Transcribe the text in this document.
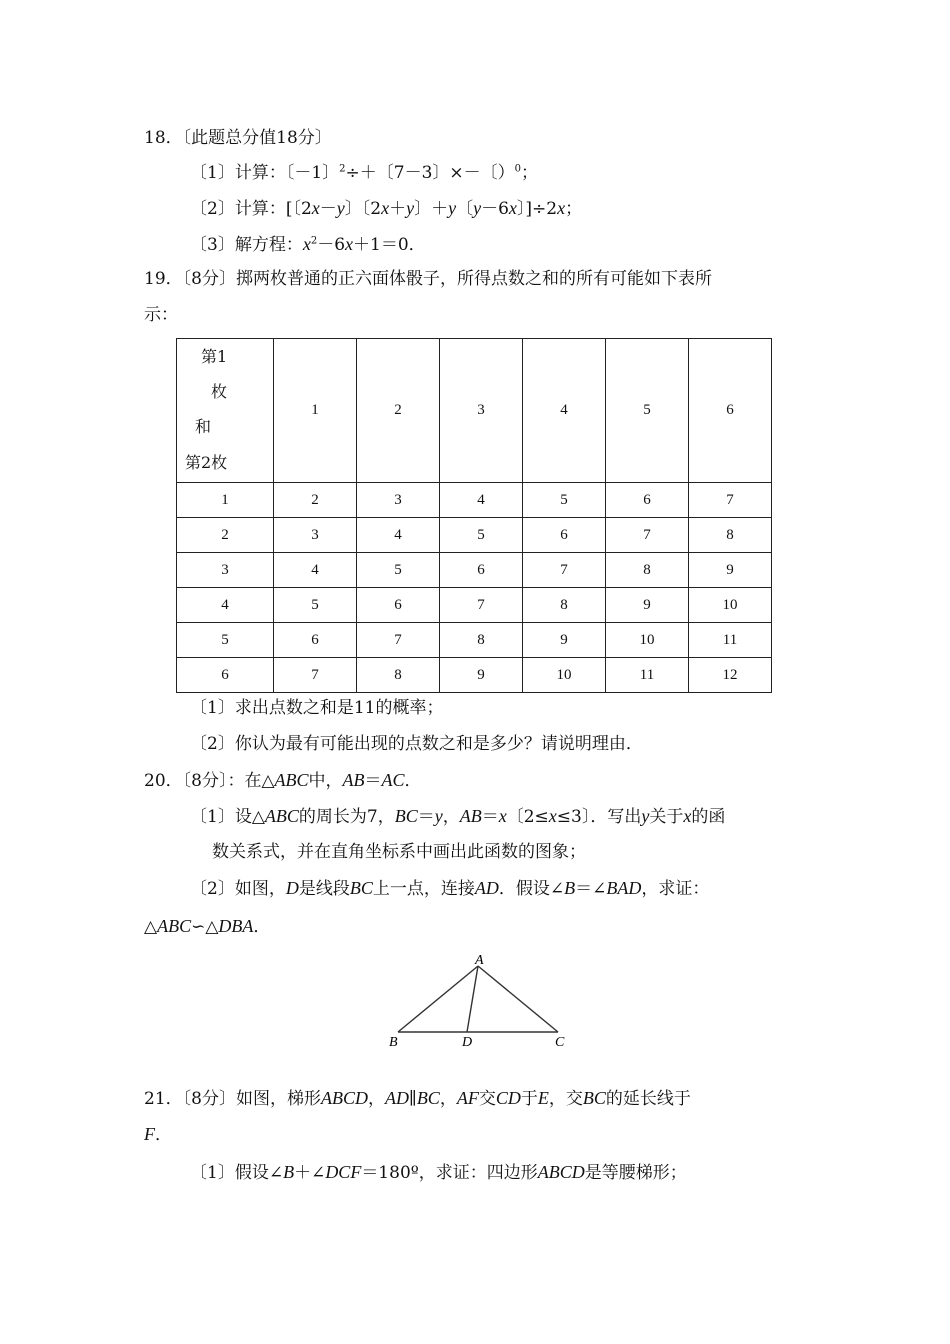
18．〔此题总分值18分〕
〔1〕计算：〔－1〕$^2$÷＋〔7－3〕×－〔）$^0$；
〔2〕计算：[〔2x－y〕〔2x＋y〕＋y〔y－6x〕]÷2x；
〔3〕解方程：$x^2-6x+1=0$．
19．〔8分〕掷两枚普通的正六面体骰子，所得点数之和的所有可能如下表所
示：
第1
枚
和
第2枚	1	2	3	4	5	6
1	2	3	4	5	6	7
2	3	4	5	6	7	8
3	4	5	6	7	8	9
4	5	6	7	8	9	10
5	6	7	8	9	10	11
6	7	8	9	10	11	12
〔1〕求出点数之和是11的概率；
〔2〕你认为最有可能出现的点数之和是多少？请说明理由．
20．〔8分〕：在△ABC中，AB＝AC．
〔1〕设△ABC的周长为7，BC＝y，AB＝x〔2≤x≤3〕．写出y关于x的函
数关系式，并在直角坐标系中画出此函数的图象；
〔2〕如图，D是线段BC上一点，连接AD．假设∠B＝∠BAD，求证：
△ABC∽△DBA．
A
B	D	C
21．〔8分〕如图，梯形ABCD，AD∥BC，AF交CD于E，交BC的延长线于
F．
〔1〕假设∠B＋∠DCF＝180º，求证：四边形ABCD是等腰梯形；
